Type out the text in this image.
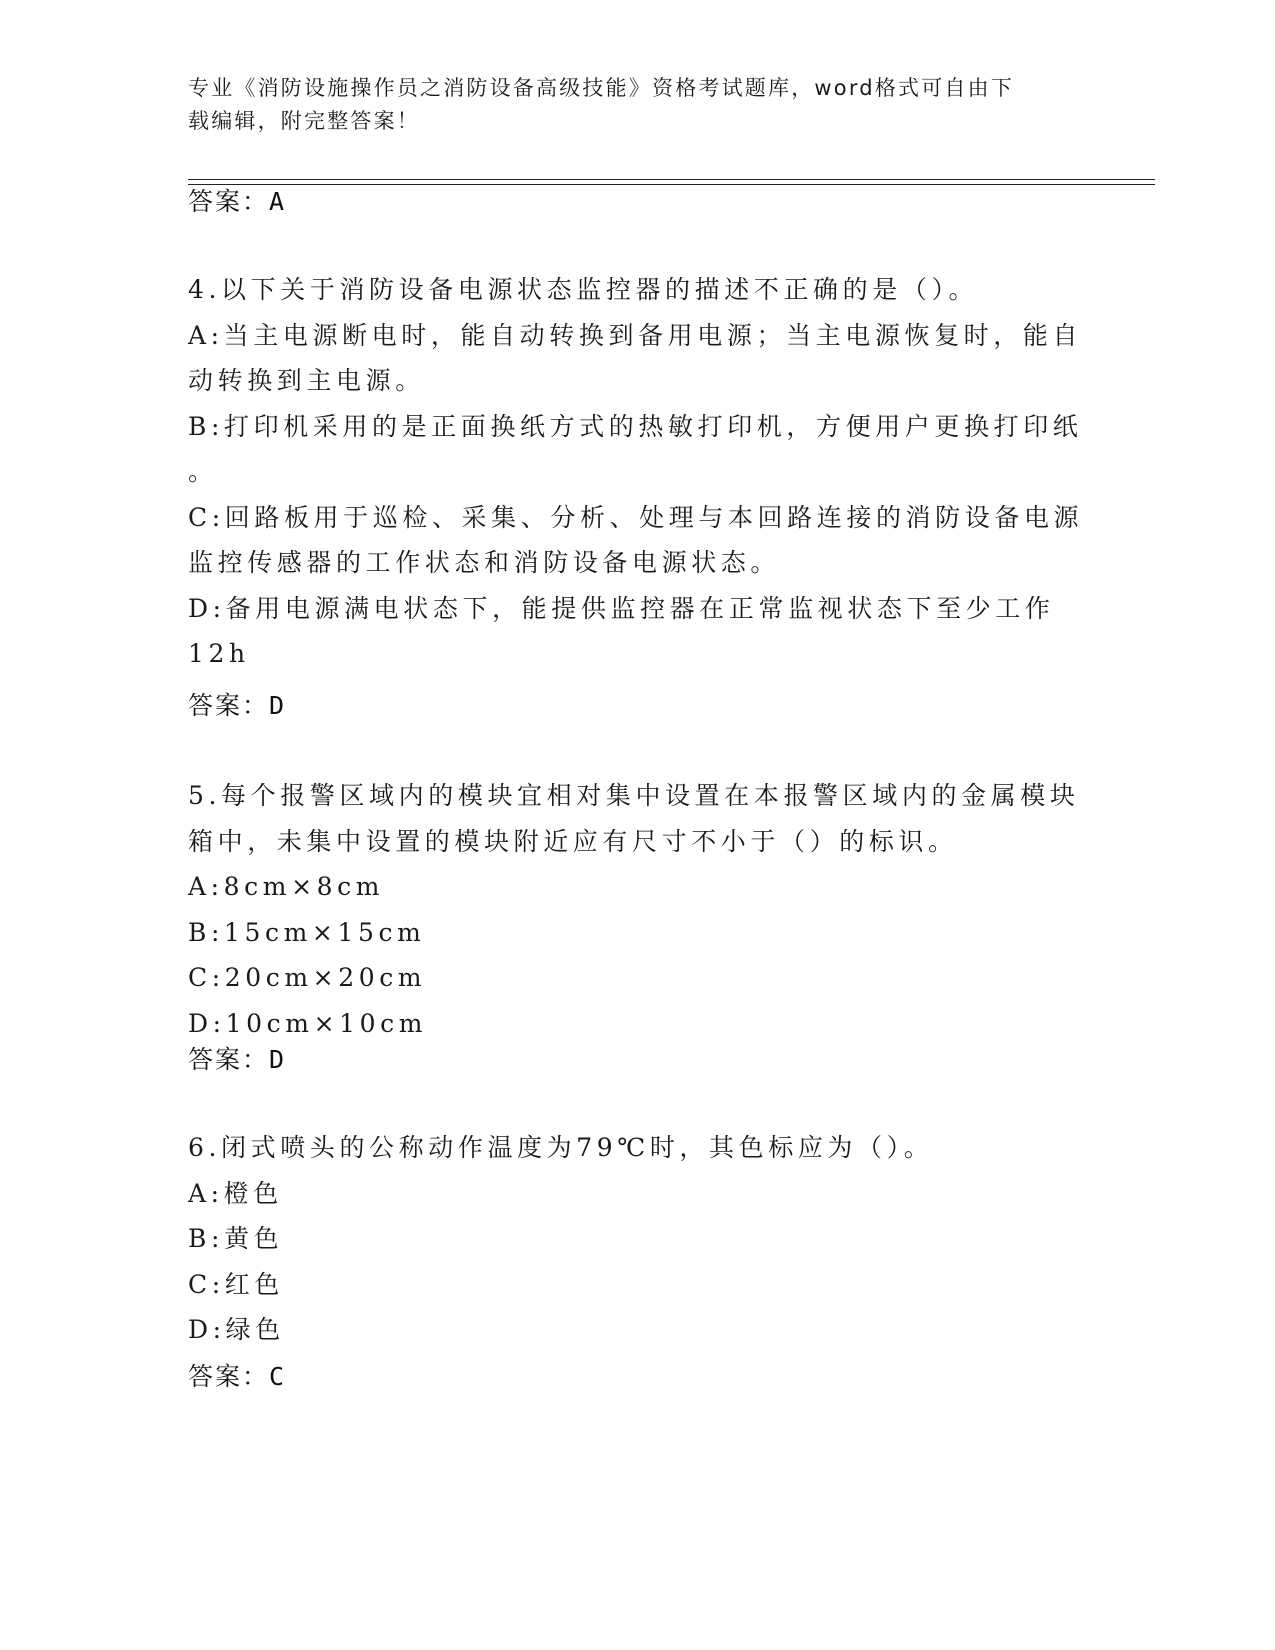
专业《消防设施操作员之消防设备高级技能》资格考试题库，word格式可自由下
载编辑，附完整答案！
答案：A
4.以下关于消防设备电源状态监控器的描述不正确的是（）。
A:当主电源断电时，能自动转换到备用电源；当主电源恢复时，能自
动转换到主电源。
B:打印机采用的是正面换纸方式的热敏打印机，方便用户更换打印纸
。
C:回路板用于巡检、采集、分析、处理与本回路连接的消防设备电源
监控传感器的工作状态和消防设备电源状态。
D:备用电源满电状态下，能提供监控器在正常监视状态下至少工作
12h
答案：D
5.每个报警区域内的模块宜相对集中设置在本报警区域内的金属模块
箱中，未集中设置的模块附近应有尺寸不小于（）的标识。
A:8cm×8cm
B:15cm×15cm
C:20cm×20cm
D:10cm×10cm
答案：D
6.闭式喷头的公称动作温度为79℃时，其色标应为（）。
A:橙色
B:黄色
C:红色
D:绿色
答案：C
